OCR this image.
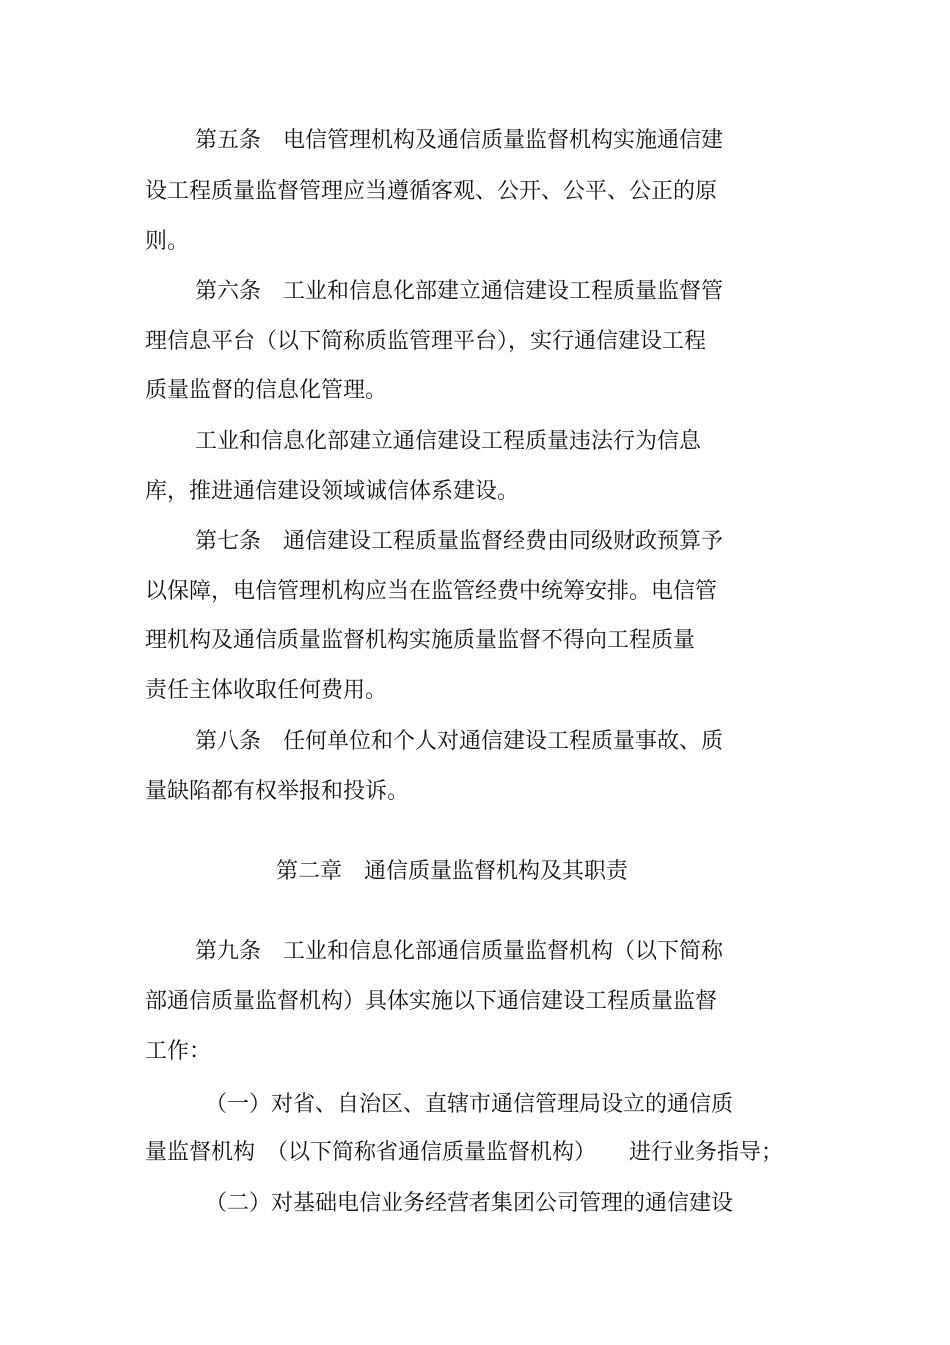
第五条　电信管理机构及通信质量监督机构实施通信建
设工程质量监督管理应当遵循客观、公开、公平、公正的原
则。
第六条　工业和信息化部建立通信建设工程质量监督管
理信息平台（以下简称质监管理平台），实行通信建设工程
质量监督的信息化管理。
工业和信息化部建立通信建设工程质量违法行为信息
库，推进通信建设领域诚信体系建设。
第七条　通信建设工程质量监督经费由同级财政预算予
以保障，电信管理机构应当在监管经费中统筹安排。电信管
理机构及通信质量监督机构实施质量监督不得向工程质量
责任主体收取任何费用。
第八条　任何单位和个人对通信建设工程质量事故、质
量缺陷都有权举报和投诉。
第二章　通信质量监督机构及其职责
第九条　工业和信息化部通信质量监督机构（以下简称
部通信质量监督机构）具体实施以下通信建设工程质量监督
工作：
（一）对省、自治区、直辖市通信管理局设立的通信质
量监督机构　（以下简称省通信质量监督机构）　　进行业务指导；
（二）对基础电信业务经营者集团公司管理的通信建设
